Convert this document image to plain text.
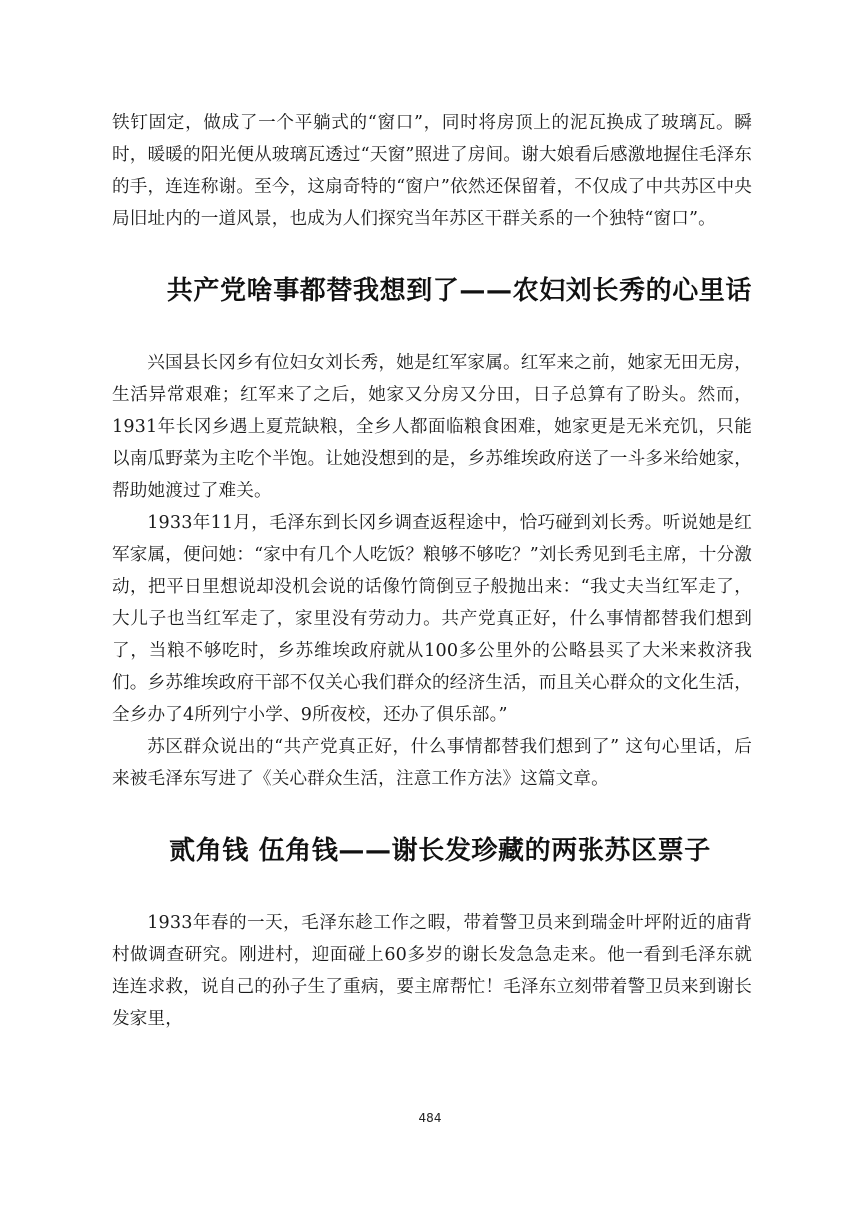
铁钉固定，做成了一个平躺式的“窗口”，同时将房顶上的泥瓦换成了玻璃瓦。瞬时，暖暖的阳光便从玻璃瓦透过“天窗”照进了房间。谢大娘看后感激地握住毛泽东的手，连连称谢。至今，这扇奇特的“窗户”依然还保留着，不仅成了中共苏区中央局旧址内的一道风景，也成为人们探究当年苏区干群关系的一个独特“窗口”。

共产党啥事都替我想到了——农妇刘长秀的心里话

兴国县长冈乡有位妇女刘长秀，她是红军家属。红军来之前，她家无田无房，生活异常艰难；红军来了之后，她家又分房又分田，日子总算有了盼头。然而，1931年长冈乡遇上夏荒缺粮，全乡人都面临粮食困难，她家更是无米充饥，只能以南瓜野菜为主吃个半饱。让她没想到的是，乡苏维埃政府送了一斗多米给她家，帮助她渡过了难关。

1933年11月，毛泽东到长冈乡调查返程途中，恰巧碰到刘长秀。听说她是红军家属，便问她：“家中有几个人吃饭？粮够不够吃？”刘长秀见到毛主席，十分激动，把平日里想说却没机会说的话像竹筒倒豆子般抛出来：“我丈夫当红军走了，大儿子也当红军走了，家里没有劳动力。共产党真正好，什么事情都替我们想到了，当粮不够吃时，乡苏维埃政府就从100多公里外的公略县买了大米来救济我们。乡苏维埃政府干部不仅关心我们群众的经济生活，而且关心群众的文化生活，全乡办了4所列宁小学、9所夜校，还办了俱乐部。”

苏区群众说出的“共产党真正好，什么事情都替我们想到了” 这句心里话，后来被毛泽东写进了《关心群众生活，注意工作方法》这篇文章。

贰角钱 伍角钱——谢长发珍藏的两张苏区票子

1933年春的一天，毛泽东趁工作之暇，带着警卫员来到瑞金叶坪附近的庙背村做调查研究。刚进村，迎面碰上60多岁的谢长发急急走来。他一看到毛泽东就连连求救，说自己的孙子生了重病，要主席帮忙！毛泽东立刻带着警卫员来到谢长发家里，

484
